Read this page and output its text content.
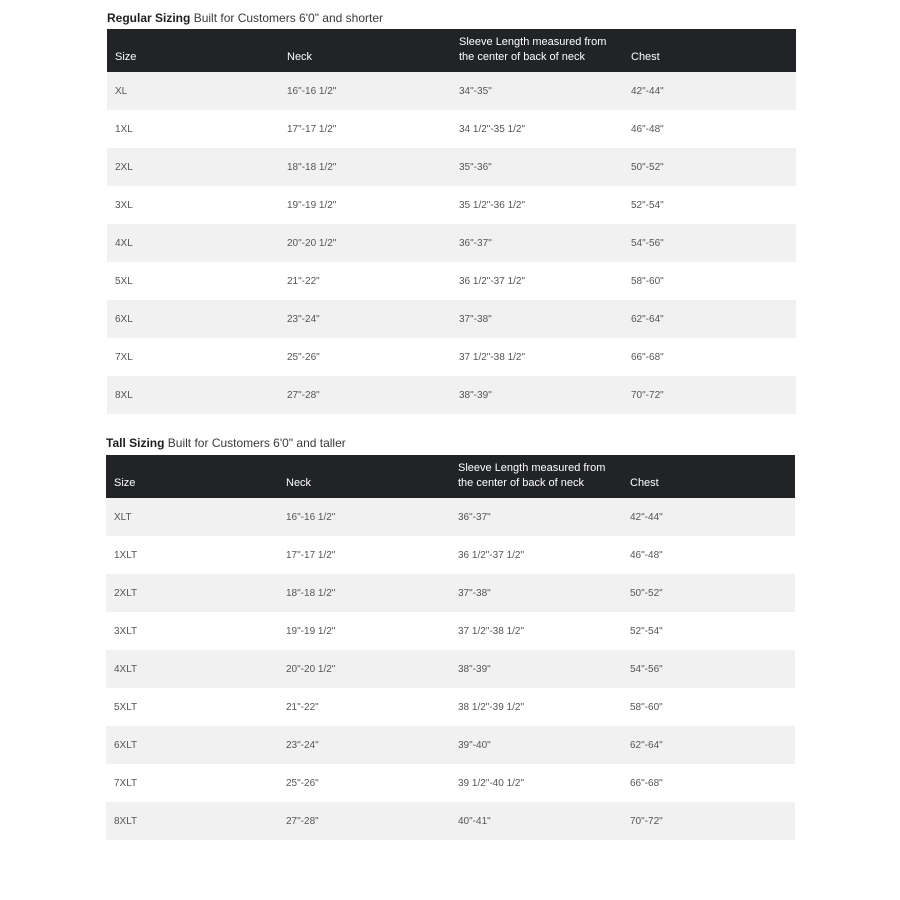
Regular Sizing Built for Customers 6'0" and shorter
Size	Neck	Sleeve Length measured from
the center of back of neck	Chest
XL	16"-16 1/2"	34"-35"	42"-44"
1XL	17"-17 1/2"	34 1/2"-35 1/2"	46"-48"
2XL	18"-18 1/2"	35"-36"	50"-52"
3XL	19"-19 1/2"	35 1/2"-36 1/2"	52"-54"
4XL	20"-20 1/2"	36"-37"	54"-56"
5XL	21"-22"	36 1/2"-37 1/2"	58"-60"
6XL	23"-24"	37"-38"	62"-64"
7XL	25"-26"	37 1/2"-38 1/2"	66"-68"
8XL	27"-28"	38"-39"	70"-72"
Tall Sizing Built for Customers 6'0" and taller
Size	Neck	Sleeve Length measured from
the center of back of neck	Chest
XLT	16"-16 1/2"	36"-37"	42"-44"
1XLT	17"-17 1/2"	36 1/2"-37 1/2"	46"-48"
2XLT	18"-18 1/2"	37"-38"	50"-52"
3XLT	19"-19 1/2"	37 1/2"-38 1/2"	52"-54"
4XLT	20"-20 1/2"	38"-39"	54"-56"
5XLT	21"-22"	38 1/2"-39 1/2"	58"-60"
6XLT	23"-24"	39"-40"	62"-64"
7XLT	25"-26"	39 1/2"-40 1/2"	66"-68"
8XLT	27"-28"	40"-41"	70"-72"
